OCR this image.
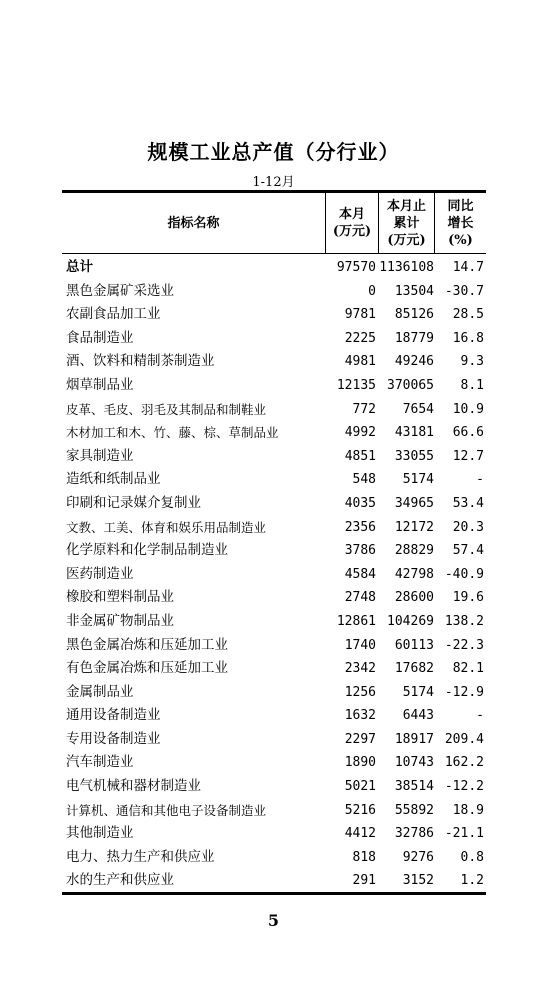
规模工业总产值（分行业）
1-12月
指标名称
本月
(万元)
本月止
累计
(万元)
同比
增长
(%)
总计	97570 1136108 14.7
黑色金属矿采选业	0 13504 -30.7
农副食品加工业	9781 85126 28.5
食品制造业	2225 18779 16.8
酒、饮料和精制茶制造业	4981 49246 9.3
烟草制品业	12135 370065 8.1
皮革、毛皮、羽毛及其制品和制鞋业	772 7654 10.9
木材加工和木、竹、藤、棕、草制品业	4992 43181 66.6
家具制造业	4851 33055 12.7
造纸和纸制品业	548 5174	-
印刷和记录媒介复制业	4035 34965 53.4
文教、工美、体育和娱乐用品制造业	2356 12172 20.3
化学原料和化学制品制造业	3786 28829 57.4
医药制造业	4584 42798 -40.9
橡胶和塑料制品业	2748 28600 19.6
非金属矿物制品业	12861 104269 138.2
黑色金属冶炼和压延加工业	1740 60113 -22.3
有色金属冶炼和压延加工业	2342 17682 82.1
金属制品业	1256 5174 -12.9
通用设备制造业	1632 6443	-
专用设备制造业	2297 18917 209.4
汽车制造业	1890 10743 162.2
电气机械和器材制造业	5021 38514 -12.2
计算机、通信和其他电子设备制造业	5216 55892 18.9
其他制造业	4412 32786 -21.1
电力、热力生产和供应业	818 9276 0.8
水的生产和供应业	291 3152 1.2
5
